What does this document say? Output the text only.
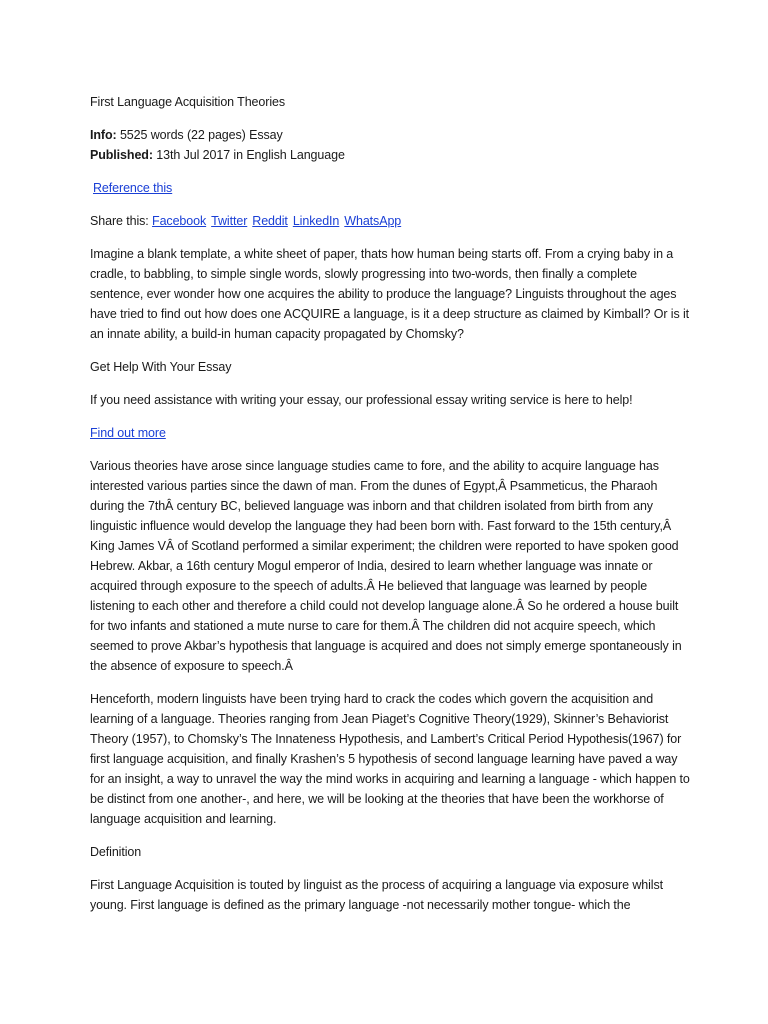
First Language Acquisition Theories

Info: 5525 words (22 pages) Essay

Published: 13th Jul 2017 in English Language

Reference this

Share this: Facebook Twitter Reddit LinkedIn WhatsApp

Imagine a blank template, a white sheet of paper, thats how human being starts off. From a crying baby in a cradle, to babbling, to simple single words, slowly progressing into two-words, then finally a complete sentence, ever wonder how one acquires the ability to produce the language? Linguists throughout the ages have tried to find out how does one ACQUIRE a language, is it a deep structure as claimed by Kimball? Or is it an innate ability, a build-in human capacity propagated by Chomsky?

Get Help With Your Essay

If you need assistance with writing your essay, our professional essay writing service is here to help!

Find out more

Various theories have arose since language studies came to fore, and the ability to acquire language has interested various parties since the dawn of man. From the dunes of Egypt,Â Psammeticus, the Pharaoh during the 7thÂ century BC, believed language was inborn and that children isolated from birth from any linguistic influence would develop the language they had been born with. Fast forward to the 15th century,Â King James VÂ of Scotland performed a similar experiment; the children were reported to have spoken good Hebrew. Akbar, a 16th century Mogul emperor of India, desired to learn whether language was innate or acquired through exposure to the speech of adults.Â He believed that language was learned by people listening to each other and therefore a child could not develop language alone.Â So he ordered a house built for two infants and stationed a mute nurse to care for them.Â The children did not acquire speech, which seemed to prove Akbar’s hypothesis that language is acquired and does not simply emerge spontaneously in the absence of exposure to speech.Â

Henceforth, modern linguists have been trying hard to crack the codes which govern the acquisition and learning of a language. Theories ranging from Jean Piaget’s Cognitive Theory(1929), Skinner’s Behaviorist Theory (1957), to Chomsky’s The Innateness Hypothesis, and Lambert’s Critical Period Hypothesis(1967) for first language acquisition, and finally Krashen’s 5 hypothesis of second language learning have paved a way for an insight, a way to unravel the way the mind works in acquiring and learning a language - which happen to be distinct from one another-, and here, we will be looking at the theories that have been the workhorse of language acquisition and learning.

Definition

First Language Acquisition is touted by linguist as the process of acquiring a language via exposure whilst young. First language is defined as the primary language -not necessarily mother tongue- which the
